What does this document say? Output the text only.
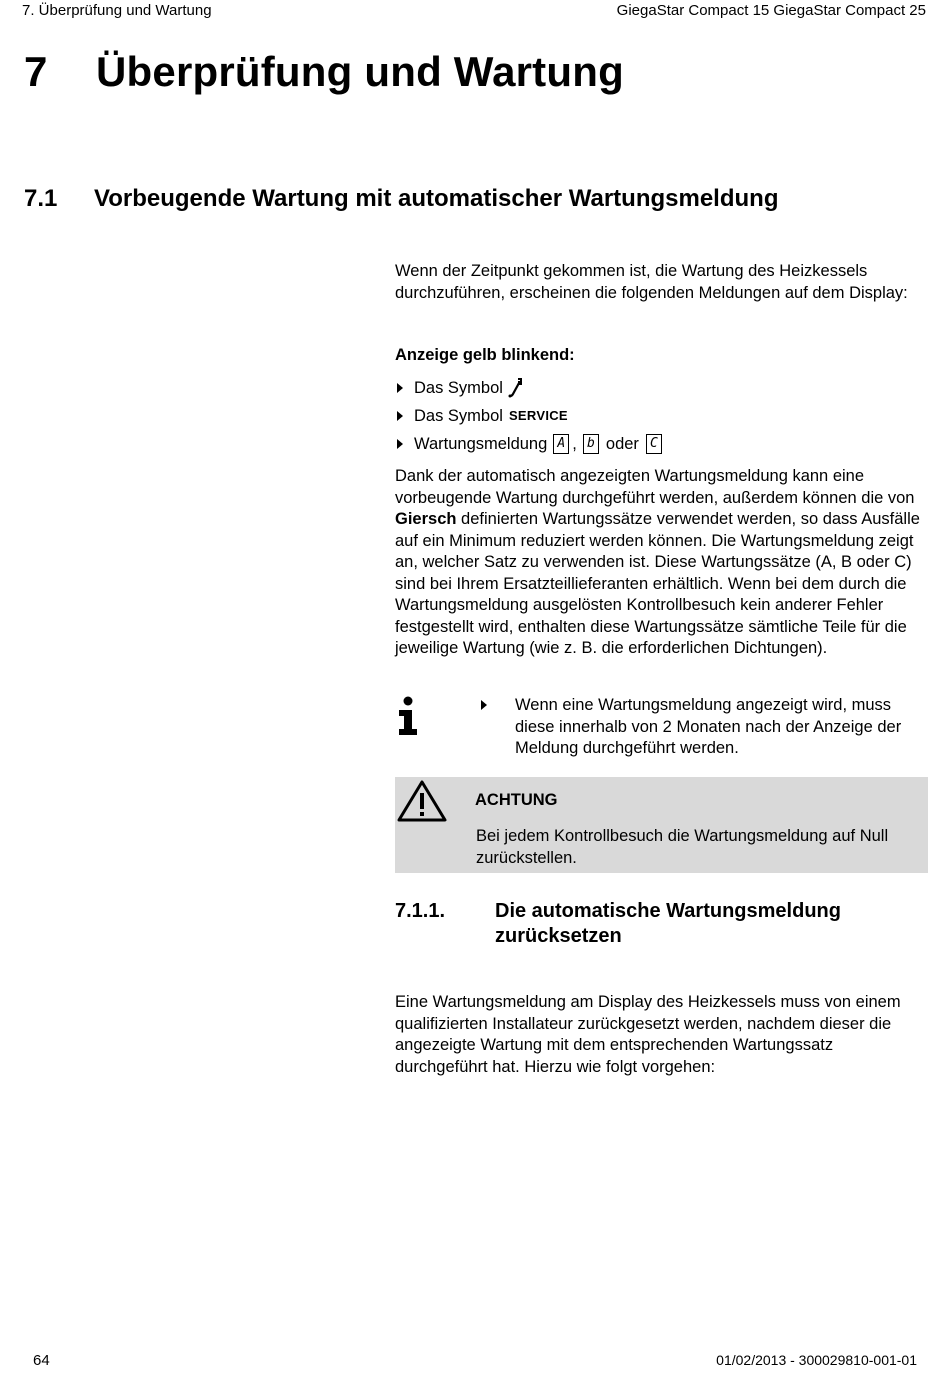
7. Überprüfung und Wartung	GiegaStar Compact 15 GiegaStar Compact 25
7 Überprüfung und Wartung
7.1 Vorbeugende Wartung mit automatischer Wartungsmeldung
Wenn der Zeitpunkt gekommen ist, die Wartung des Heizkessels durchzuführen, erscheinen die folgenden Meldungen auf dem Display:
Anzeige gelb blinkend:
Das Symbol
Das Symbol SERVICE
Wartungsmeldung A , b oder C
Dank der automatisch angezeigten Wartungsmeldung kann eine vorbeugende Wartung durchgeführt werden, außerdem können die von Giersch definierten Wartungssätze verwendet werden, so dass Ausfälle auf ein Minimum reduziert werden können. Die Wartungsmeldung zeigt an, welcher Satz zu verwenden ist. Diese Wartungssätze (A, B oder C) sind bei Ihrem Ersatzteillieferanten erhältlich. Wenn bei dem durch die Wartungsmeldung ausgelösten Kontrollbesuch kein anderer Fehler festgestellt wird, enthalten diese Wartungssätze sämtliche Teile für die jeweilige Wartung (wie z. B. die erforderlichen Dichtungen).
Wenn eine Wartungsmeldung angezeigt wird, muss diese innerhalb von 2 Monaten nach der Anzeige der Meldung durchgeführt werden.
ACHTUNG
Bei jedem Kontrollbesuch die Wartungsmeldung auf Null zurückstellen.
7.1.1. Die automatische Wartungsmeldung
zurücksetzen
Eine Wartungsmeldung am Display des Heizkessels muss von einem qualifizierten Installateur zurückgesetzt werden, nachdem dieser die angezeigte Wartung mit dem entsprechenden Wartungssatz durchgeführt hat. Hierzu wie folgt vorgehen:
64	01/02/2013 - 300029810-001-01
